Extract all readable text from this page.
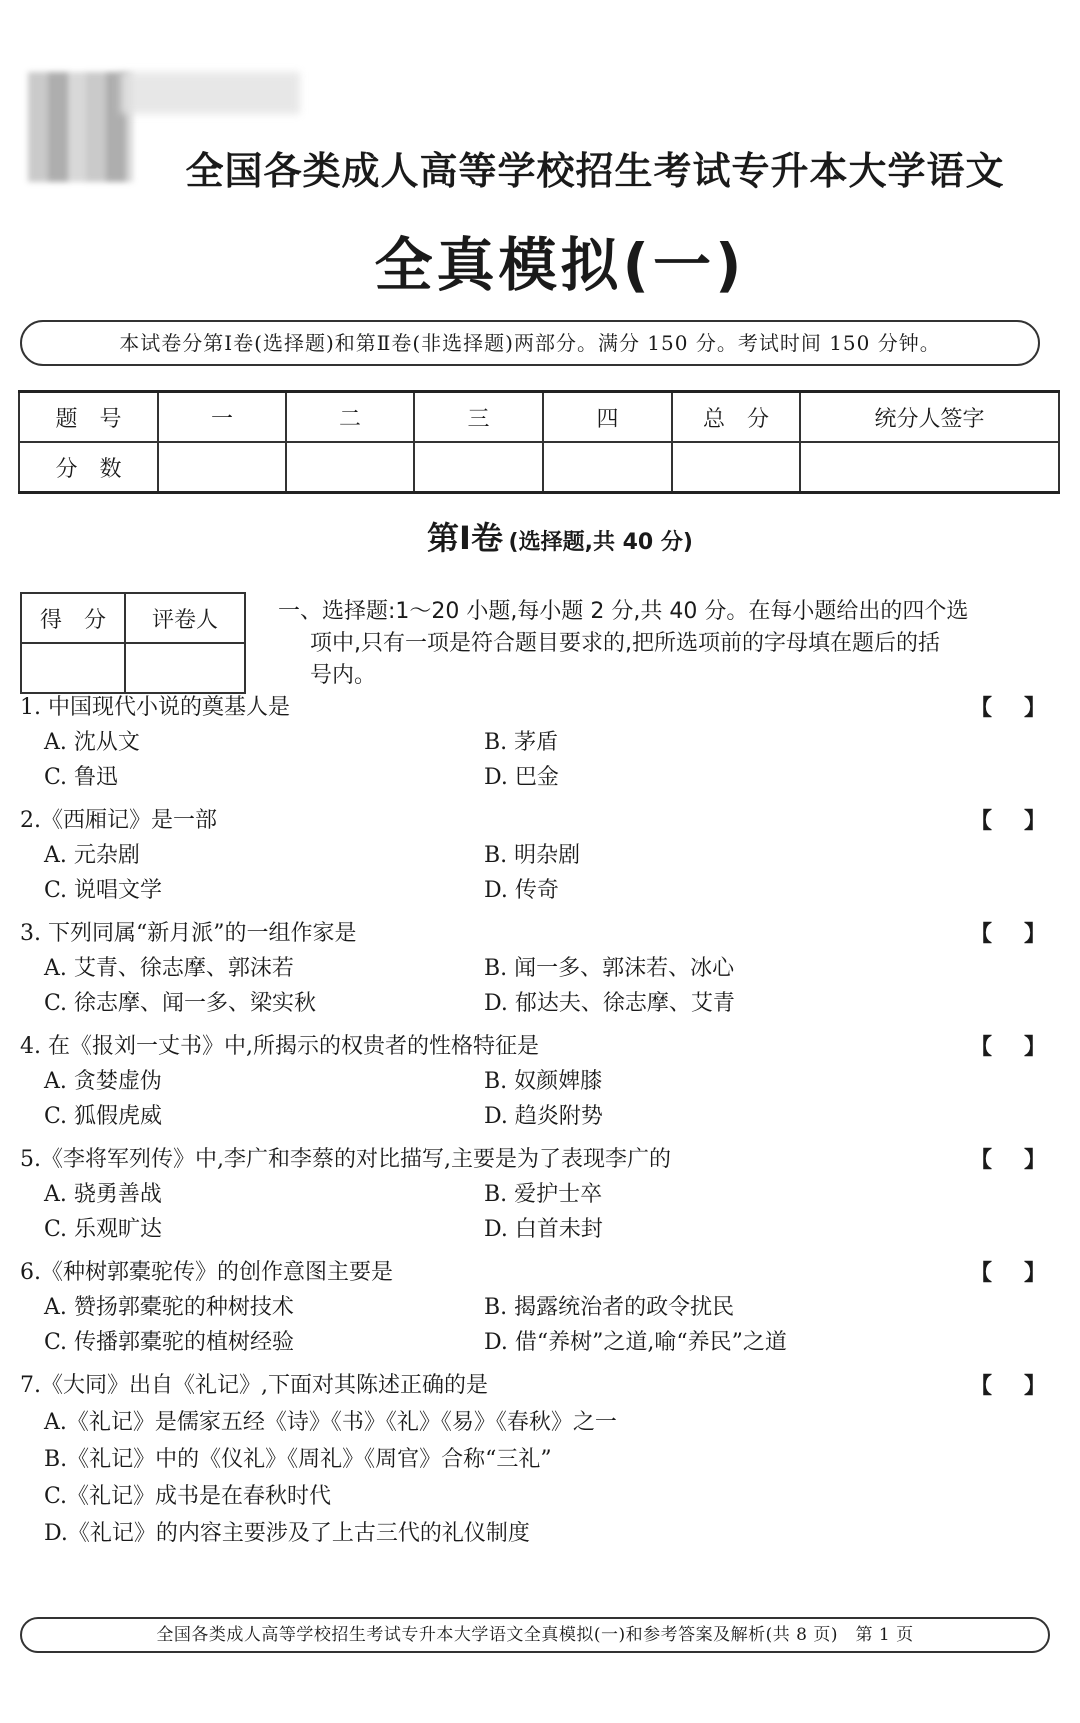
全国各类成人高等学校招生考试专升本大学语文
全真模拟(一)
本试卷分第Ⅰ卷(选择题)和第Ⅱ卷(非选择题)两部分。满分 150 分。考试时间 150 分钟。
题　号	一	二	三	四	总　分	统分人签字
分　数						
第Ⅰ卷 (选择题,共 40 分)
得　分	评卷人
		一、选择题:1～20 小题,每小题 2 分,共 40 分。在每小题给出的四个选
项中,只有一项是符合题目要求的,把所选项前的字母填在题后的括
号内。
1. 中国现代小说的奠基人是	【】
A. 沈从文	B. 茅盾
C. 鲁迅	D. 巴金
2.《西厢记》是一部	【】
A. 元杂剧	B. 明杂剧
C. 说唱文学	D. 传奇
3. 下列同属“新月派”的一组作家是	【】
A. 艾青、徐志摩、郭沫若	B. 闻一多、郭沫若、冰心
C. 徐志摩、闻一多、梁实秋	D. 郁达夫、徐志摩、艾青
4. 在《报刘一丈书》中,所揭示的权贵者的性格特征是	【】
A. 贪婪虚伪	B. 奴颜婢膝
C. 狐假虎威	D. 趋炎附势
5.《李将军列传》中,李广和李蔡的对比描写,主要是为了表现李广的	【】
A. 骁勇善战	B. 爱护士卒
C. 乐观旷达	D. 白首未封
6.《种树郭橐驼传》的创作意图主要是	【】
A. 赞扬郭橐驼的种树技术	B. 揭露统治者的政令扰民
C. 传播郭橐驼的植树经验	D. 借“养树”之道,喻“养民”之道
7.《大同》出自《礼记》,下面对其陈述正确的是	【】
A.《礼记》是儒家五经《诗》《书》《礼》《易》《春秋》之一
B.《礼记》中的《仪礼》《周礼》《周官》合称“三礼”
C.《礼记》成书是在春秋时代
D.《礼记》的内容主要涉及了上古三代的礼仪制度
全国各类成人高等学校招生考试专升本大学语文全真模拟(一)和参考答案及解析(共 8 页)　第 1 页
